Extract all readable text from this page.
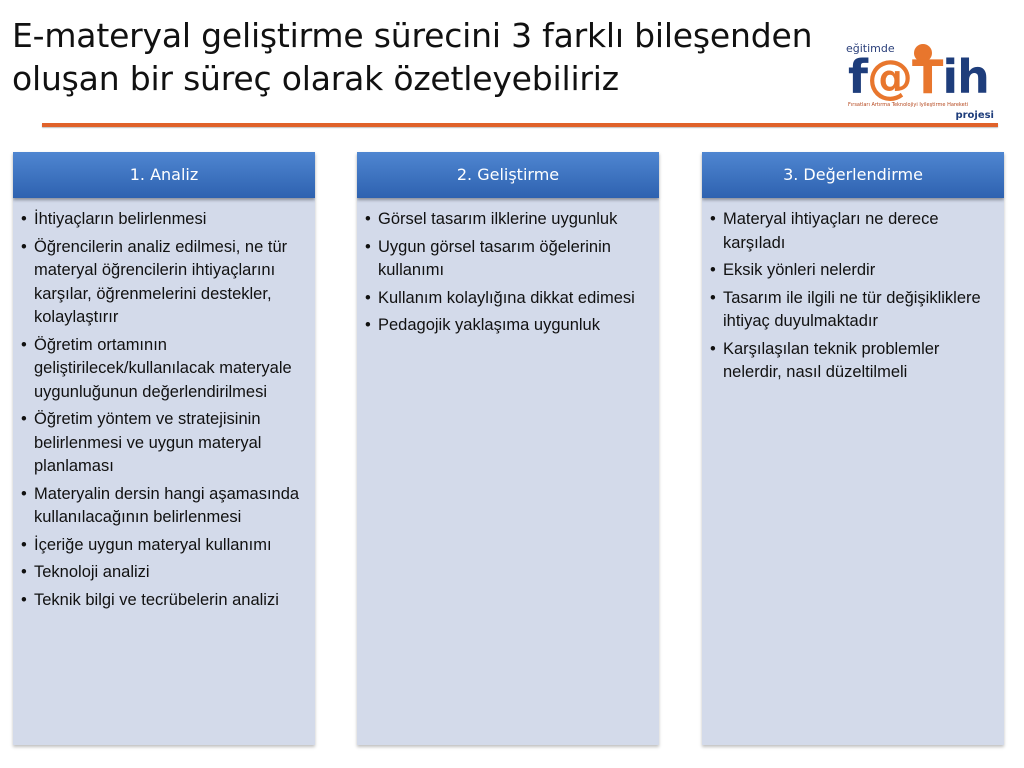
E-materyal geliştirme sürecini 3 farklı bileşenden
oluşan bir süreç olarak özetleyebiliriz
eğitimde
f@Tih
Fırsatları Artırma Teknolojiyi İyileştirme Hareketi
projesi
1. Analiz
• İhtiyaçların belirlenmesi
• Öğrencilerin analiz edilmesi, ne tür materyal öğrencilerin ihtiyaçlarını karşılar, öğrenmelerini destekler, kolaylaştırır
• Öğretim ortamının geliştirilecek/kullanılacak materyale uygunluğunun değerlendirilmesi
• Öğretim yöntem ve stratejisinin belirlenmesi ve uygun materyal planlaması
• Materyalin dersin hangi aşamasında kullanılacağının belirlenmesi
• İçeriğe uygun materyal kullanımı
• Teknoloji analizi
• Teknik bilgi ve tecrübelerin analizi
2. Geliştirme
• Görsel tasarım ilklerine uygunluk
• Uygun görsel tasarım öğelerinin kullanımı
• Kullanım kolaylığına dikkat edimesi
• Pedagojik yaklaşıma uygunluk
3. Değerlendirme
• Materyal ihtiyaçları ne derece karşıladı
• Eksik yönleri nelerdir
• Tasarım ile ilgili ne tür değişikliklere ihtiyaç duyulmaktadır
• Karşılaşılan teknik problemler nelerdir, nasıl düzeltilmeli
